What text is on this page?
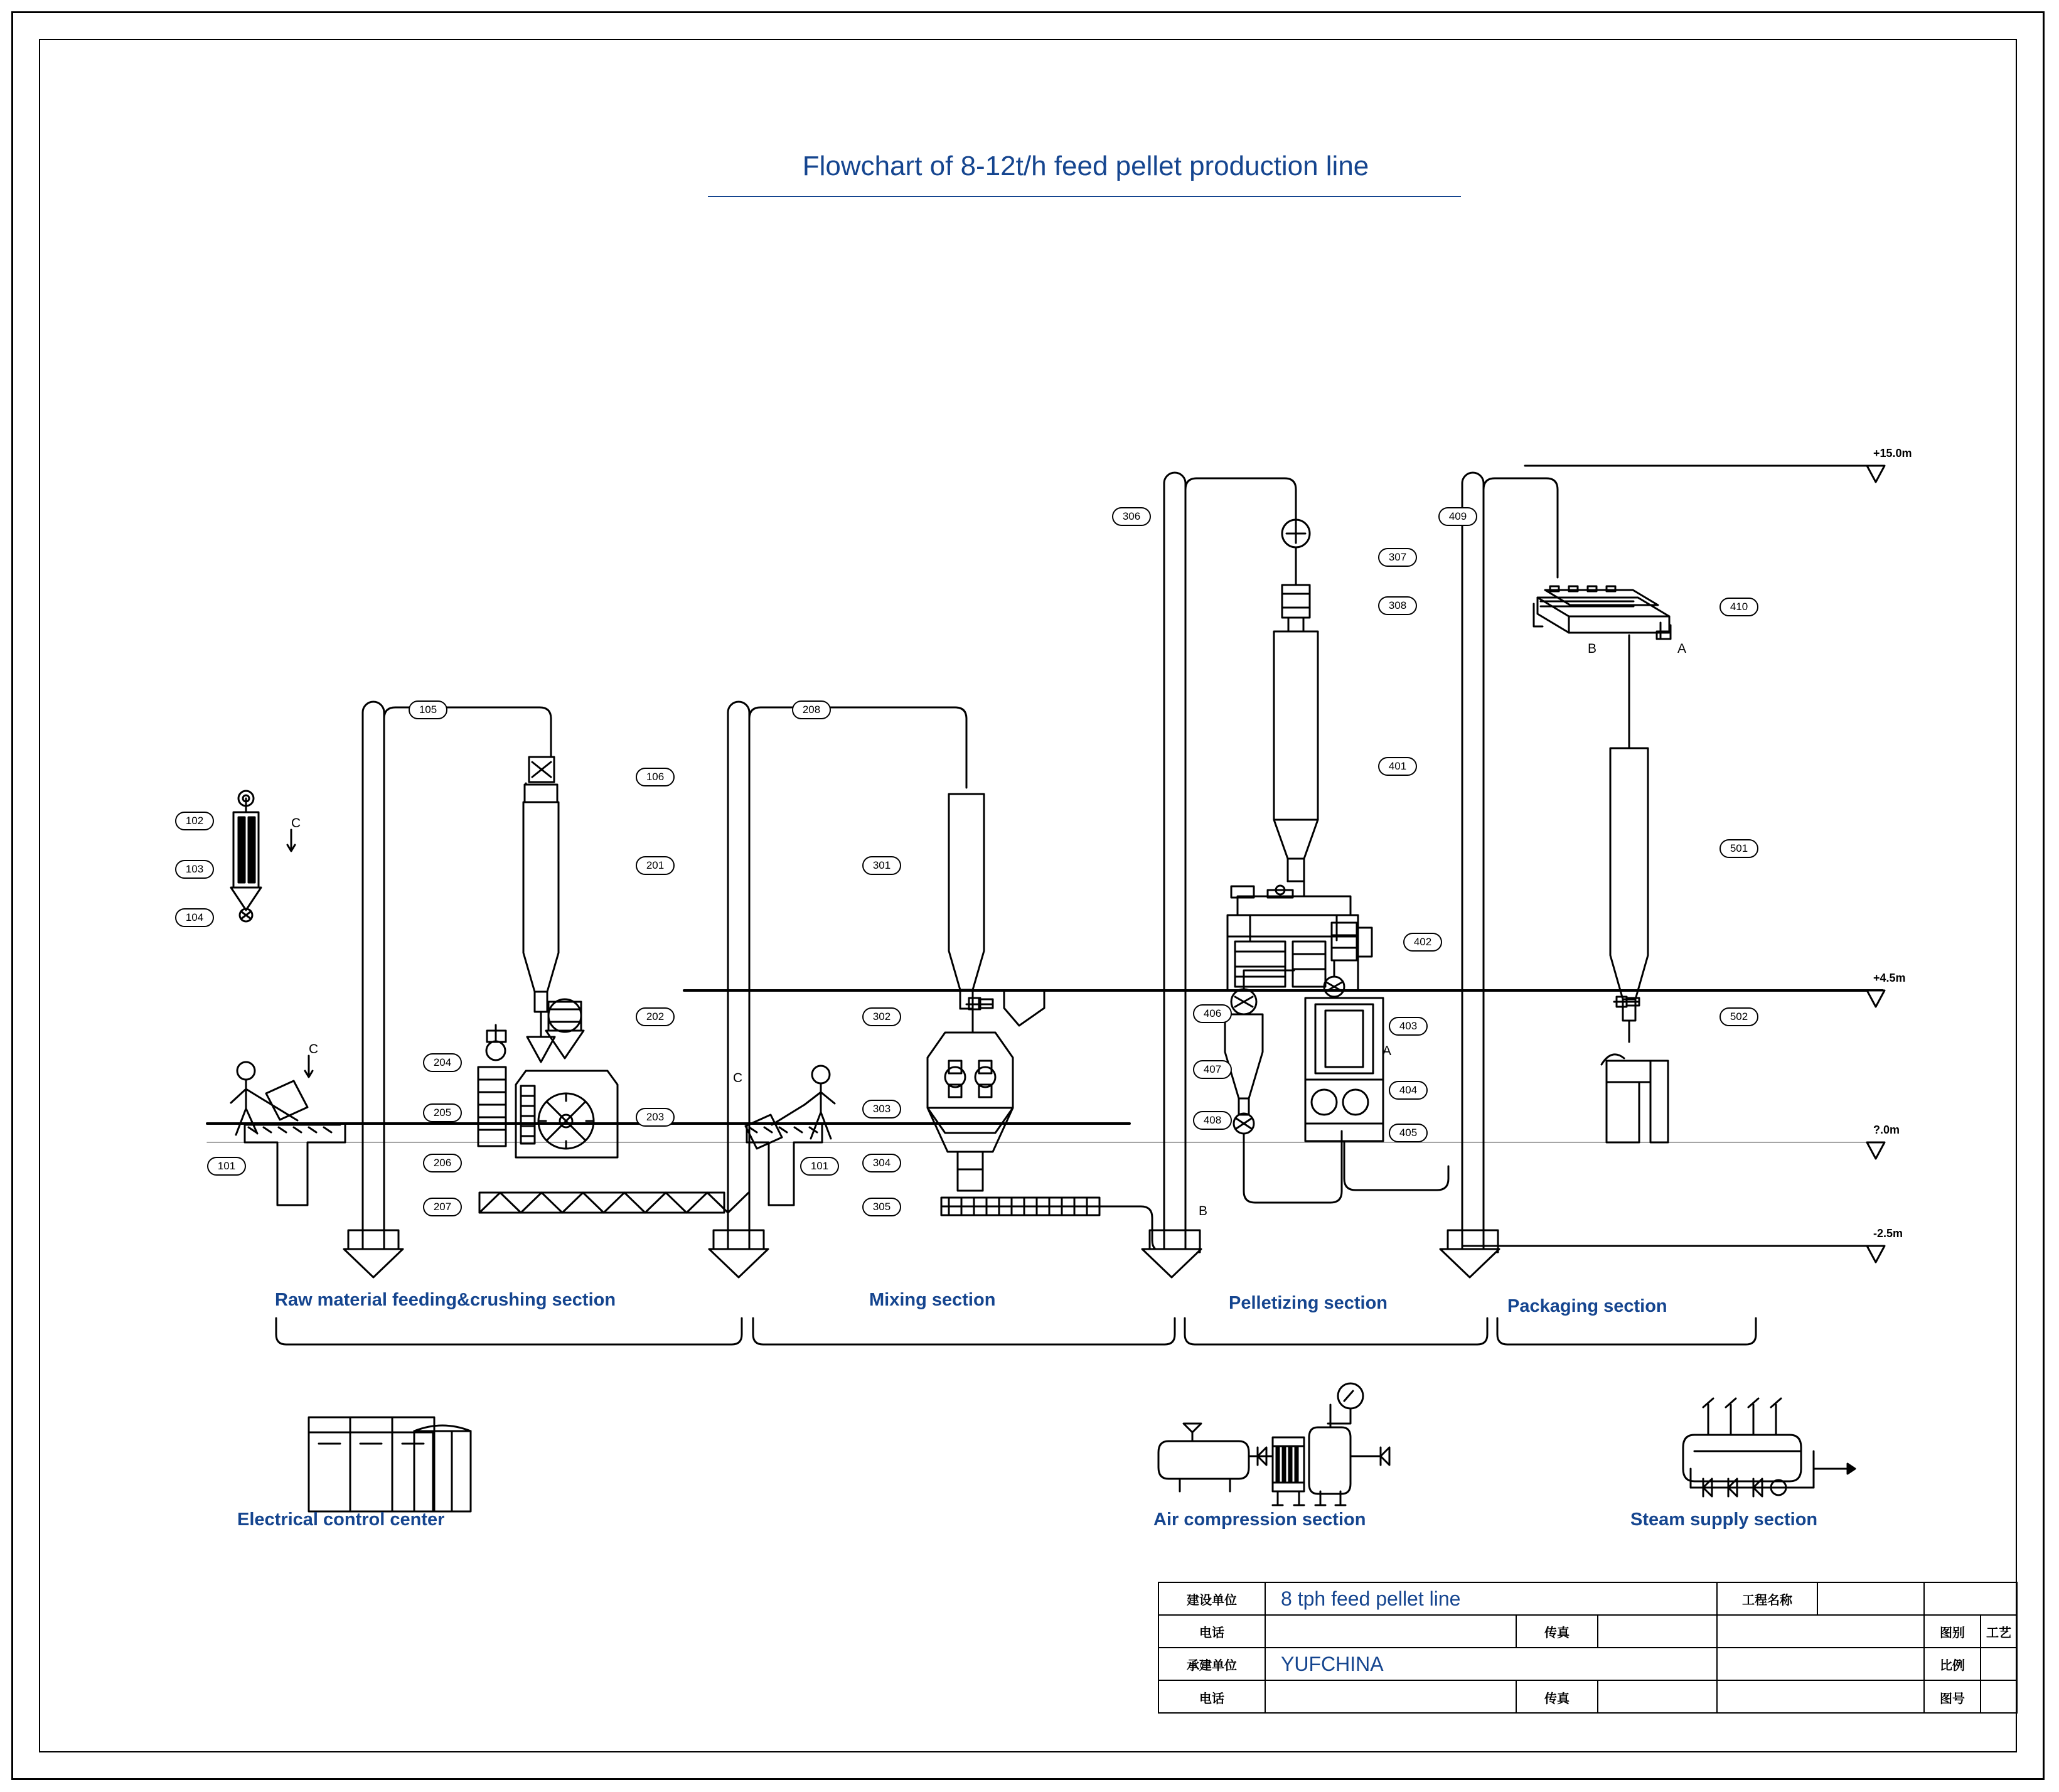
Flowchart of 8-12t/h feed pellet production line
102
103
104
101
105
106
201
202
203
204
205
206
207
208
301
302
303
304
305
101
306
307
308
401
402
403
404
405
406
407
408
409
410
501
502
C
C
C
B	A
A
B
+15.0m
+4.5m
?.0m
-2.5m
Raw material feeding&crushing section	Mixing section	Pelletizing section	Packaging section
Electrical control center	Air compression section	Steam supply section
建设单位	8 tph feed pellet line	工程名称
电话	传真	图别	工艺
承建单位	YUFCHINA	比例
电话	传真	图号
